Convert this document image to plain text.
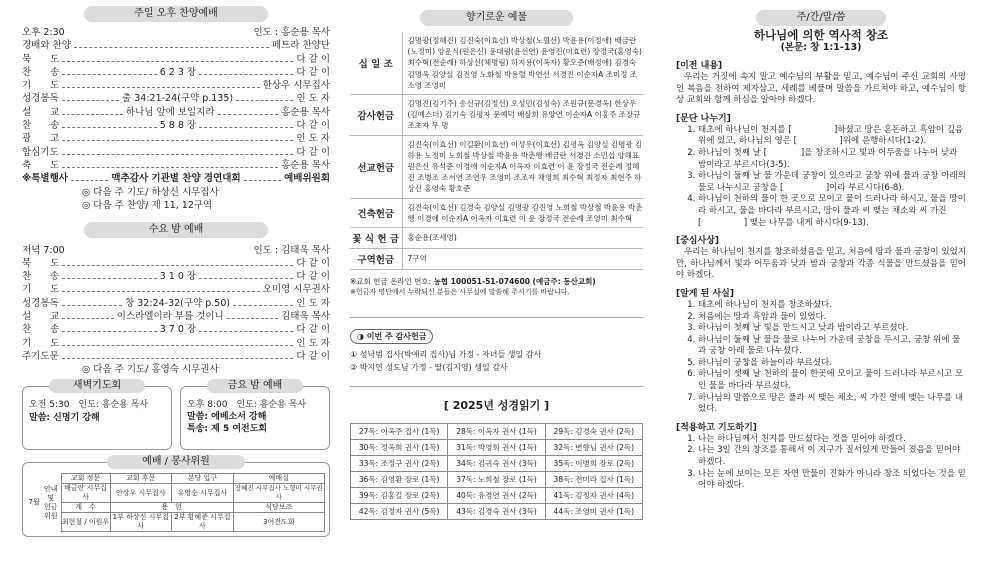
주일 오후 찬양예배
오후 2:30	인도 : 홍순용 목사
경배와 찬양	페트라 찬양단
묵　　도	다 같 이
찬　　송	6 2 3 장	다 같 이
기　　도	한상우 시무집사
성경봉독	출 34:21-24(구약 p.135)	인 도 자
설　　교	하나님 앞에 보일지라	홍순용 목사
찬　　송	5 8 8 장	다 같 이
광　　고	인 도 자
합심기도	다 같 이
축　　도	홍순용 목사
※특별행사	맥추감사 기관별 찬양 경연대회	예배위원회
◎ 다음 주 기도/ 하상신 시무집사
◎ 다음 주 찬양/ 제 11, 12구역
수요 밤 예배
저녁 7:00	인도 : 김태욱 목사
묵　　도	다 같 이
찬　　송	3 1 0 장	다 같 이
기　　도	오미영 시무권사
성경봉독	창 32:24-32(구약 p.50)	인 도 자
설　　교	이스라엘이라 부를 것이니	김태욱 목사
찬　　송	3 7 0 장	다 같 이
기　　도	인 도 자
주기도문	다 같 이
◎ 다음 주 기도/ 홍영숙 시무권사
새벽기도회
오전 5:30　인도: 홍순용 목사
말씀: 신명기 강해
금요 밤 예배
오후 8:00　인도: 홍순용 목사
말씀: 에베소서 강해
특송: 제 5 여전도회
예배 / 봉사위원
7월	안내
및
헌금
위원	교회 정문	교회 후문	본당 입구	예배실
		배금란 시무집사	안상우 시무집사	유영순 시무집사	장혜진 시무집사 노형미 시무권사
		계　수	용　헌		식당보조
		최현철 / 이원우	1부 하상신 시무집사	2부 황혜준 시무집사	3여전도회
향기로운 예물
십 일 조	김명광(정혜진) 김진숙(이효선) 박상철(노혈선) 박윤용(이정애) 배금란(노정미) 앙운식(원은신) 윤대림(윤선연) 윤영진(이효련) 장정국(홍영숙) 최수혁(전순례) 하상신(체명림) 하지용(이옥자) 황오준(배정애) 김경숙 김명옥 김양실 김진영 노화철 박용렬 박연선 서경진 이순자A 조미정 조소영 조영미
감사헌금	김명진(김기주) 송선규(김정선) 오성민(김성숙) 조원규(문경옥) 한상우(김예스더) 김기숙 김평자 문예덕 배삼희 유양연 이순자A 이홍주 조장규 조초자 무 명
선교헌금	김진숙(이효선) 이길환(이효선) 이성우(이효선) 김평옥 김양실 김명광 김하용 노정미 노희철 박상철 박윤용 박춘행 배금란 서경진 소민섭 양해표 원은신 유석준 이경애 이순자A 이옥자 이효련 이 윤 장정국 전순례 정혜진 조병조 조서연 조연우 조영미 조조자 채영희 최수혁 최정자 최현주 하상신 홍영숙 황호준
건축헌금	김진숙(이효선) 김경숙 김양실 김명광 김진영 노희철 박상철 박윤용 박춘행 이경애 이순자A 이옥자 이효련 이 윤 장정국 전순례 조영미 최수혁
꽃 식 헌 금	홍순용(조세영)
구역헌금	7구역
※교회 헌금 온라인 번호: 농협 100051-51-074600 (예금주: 동산교회)
※헌금자 명단에서 누락되신 분들은 사무실에 말씀해 주시기를 바랍니다.
◑ 이번 주 감사헌금
① 성낙범 집사(박애리 집사)님 가정 - 자녀들 생일 감사
② 박지연 성도님 가정 - 딸(김지영) 생일 감사
[ 2025년 성경읽기 ]
27독: 이옥주 집사 (1독)	28독: 이옥자 권사 (1독)	29독: 김경숙 권사 (2독)
30독: 정옥희 권사 (1독)	31독: 박영희 권사 (1독)	32독: 변향님 권사 (2독)
33독: 조정구 권사 (2독)	34독: 김귀숙 권사 (3독)	35독: 이병희 장로 (2독)
36독: 김영환 장로 (1독)	37독: 노희철 장로 (1독)	38독: 전미라 집사 (1독)
39독: 김홍길 장로 (2독)	40독: 유경연 권사 (2독)	41독: 김정자 권사 (4독)
42독: 김정자 권사 (5독)	43독: 김경숙 권사 (3독)	44독: 조영미 권사 (1독)
주/간/말/씀
하나님에 의한 역사적 창조
(본문: 창 1:1-13)
[이전 내용]
우리는 거짓에 속지 말고 예수님의 부활을 믿고, 예수님이 주신 교회의 사명인 복음을 전하여 제자삼고, 세례를 베풀며 말씀을 가르쳐야 하고, 예수님이 항상 교회와 함께 하심을 알아야 하겠다.
[문단 나누기]
1. 태초에 하나님이 천지를 [　　　　　]하셨고 땅은 혼돈하고 흑암이 깊음 위에 있고, 하나님의 영은 [　　　　　]위에 운행하시다(1-2).
2. 하나님이 첫째 날 [　　　　]을 창조하시고 빛과 어두움을 나누어 낮과 밤이라고 부르시다(3-5).
3. 하나님이 둘째 날 물 가운데 궁창이 있으라고 궁창 위에 물과 궁창 아래의 물로 나누시고 궁창을 [　　　　　]이라 부르시다(6-8).
4. 하나님이 천하의 물이 한 곳으로 모이고 뭍이 드러나라 하시고, 뭍을 땅이라 하시고, 물을 바다라 부르시고, 땅이 풀과 씨 맺는 채소와 씨 가진 [　　　　　] 맺는 나무를 내게 하시다(9-13).
[중심사상]
우리는 하나님이 천지를 창조하셨음을 믿고, 처음에 땅과 물과 궁창이 있었지만, 하나님께서 빛과 어두움과 낮과 밤과 궁창과 각종 식물을 만드셨음을 믿어야 하겠다.
[알게 된 사실]
1. 태초에 하나님이 천지를 창조하셨다.
2. 처음에는 땅과 흑암과 물이 있었다.
3. 하나님이 첫째 날 빛을 만드시고 낮과 밤이라고 부르셨다.
4. 하나님이 둘째 날 물을 물로 나누어 가운데 궁창을 두시고, 궁창 위에 물과 궁창 아래 물로 나누셨다.
5. 하나님이 궁창을 하늘이라 부르셨다.
6. 하나님이 셋째 날 천하의 물이 한곳에 모이고 뭍이 드러나라 부르시고 모인 물을 바다라 부르셨다.
7. 하나님의 말씀으로 땅은 풀과 씨 맺는 채소, 씨 가진 열매 맺는 나무를 내었다.
[적용하고 기도하기]
1. 나는 하나님께서 천지를 만드셨다는 것을 믿어야 하겠다.
2. 나는 3일 간의 창조를 통해서 이 지구가 질서있게 만들어 졌음을 믿어야 하겠다.
3. 나는 눈에 보이는 모든 자연 만물이 진화가 아니라 창조 되었다는 것을 믿어야 하겠다.
